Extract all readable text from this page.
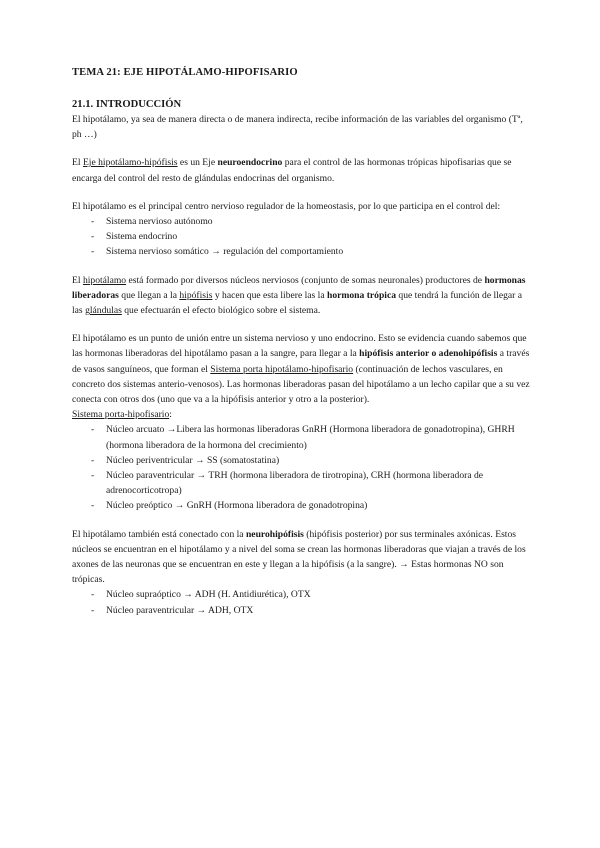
TEMA 21: EJE HIPOTÁLAMO-HIPOFISARIO
21.1. INTRODUCCIÓN

El hipotálamo, ya sea de manera directa o de manera indirecta, recibe información de las variables del organismo (Tª, ph …)

El Eje hipotálamo-hipófisis es un Eje neuroendocrino para el control de las hormonas trópicas hipofisarias que se encarga del control del resto de glándulas endocrinas del organismo.

El hipotálamo es el principal centro nervioso regulador de la homeostasis, por lo que participa en el control del:

- Sistema nervioso autónomo
- Sistema endocrino
- Sistema nervioso somático → regulación del comportamiento

El hipotálamo está formado por diversos núcleos nerviosos (conjunto de somas neuronales) productores de hormonas liberadoras que llegan a la hipófisis y hacen que esta libere las la hormona trópica que tendrá la función de llegar a las glándulas que efectuarán el efecto biológico sobre el sistema.

El hipotálamo es un punto de unión entre un sistema nervioso y uno endocrino. Esto se evidencia cuando sabemos que las hormonas liberadoras del hipotálamo pasan a la sangre, para llegar a la hipófisis anterior o adenohipófisis a través de vasos sanguíneos, que forman el Sistema porta hipotálamo-hipofisario (continuación de lechos vasculares, en concreto dos sistemas anterio-venosos). Las hormonas liberadoras pasan del hipotálamo a un lecho capilar que a su vez conecta con otros dos (uno que va a la hipófisis anterior y otro a la posterior).

Sistema porta-hipofisario:

- Núcleo arcuato →Libera las hormonas liberadoras GnRH (Hormona liberadora de gonadotropina), GHRH (hormona liberadora de la hormona del crecimiento)
- Núcleo periventricular → SS (somatostatina)
- Núcleo paraventricular → TRH (hormona liberadora de tirotropina), CRH (hormona liberadora de adrenocorticotropa)
- Núcleo preóptico → GnRH (Hormona liberadora de gonadotropina)

El hipotálamo también está conectado con la neurohipófisis (hipófisis posterior) por sus terminales axónicas. Estos núcleos se encuentran en el hipotálamo y a nivel del soma se crean las hormonas liberadoras que viajan a través de los axones de las neuronas que se encuentran en este y llegan a la hipófisis (a la sangre). → Estas hormonas NO son trópicas.

- Núcleo supraóptico → ADH (H. Antidiurética), OTX
- Núcleo paraventricular → ADH, OTX
